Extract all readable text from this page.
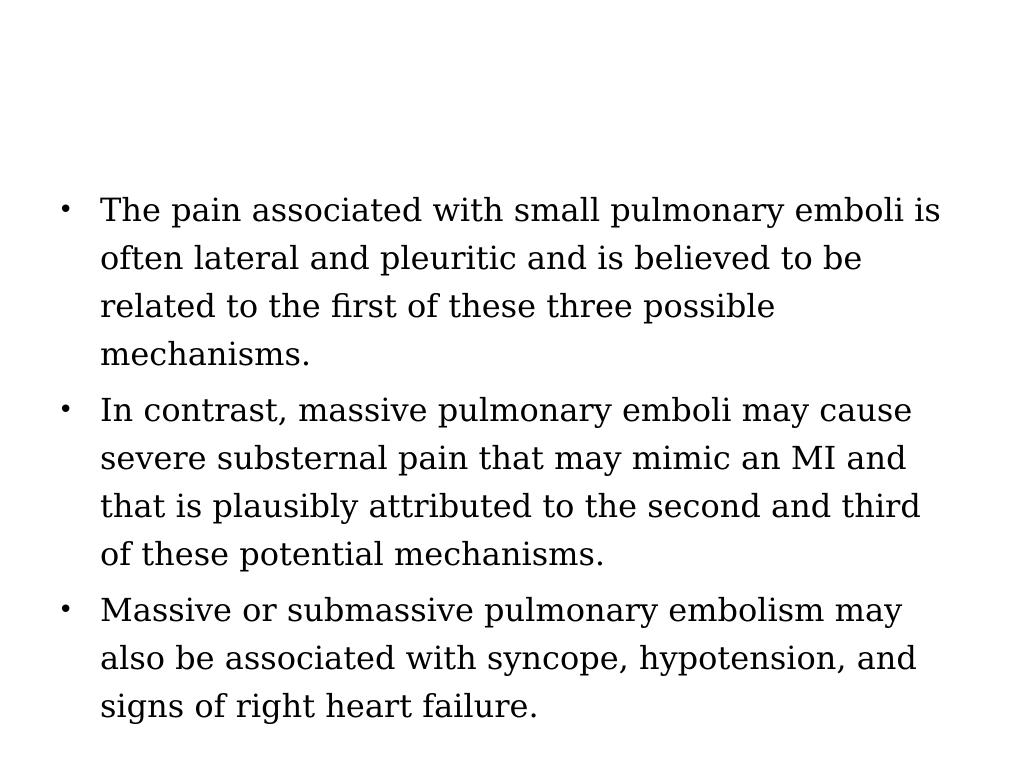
• The pain associated with small pulmonary emboli is often lateral and pleuritic and is believed to be related to the first of these three possible mechanisms.
• In contrast, massive pulmonary emboli may cause severe substernal pain that may mimic an MI and that is plausibly attributed to the second and third of these potential mechanisms.
• Massive or submassive pulmonary embolism may also be associated with syncope, hypotension, and signs of right heart failure.
